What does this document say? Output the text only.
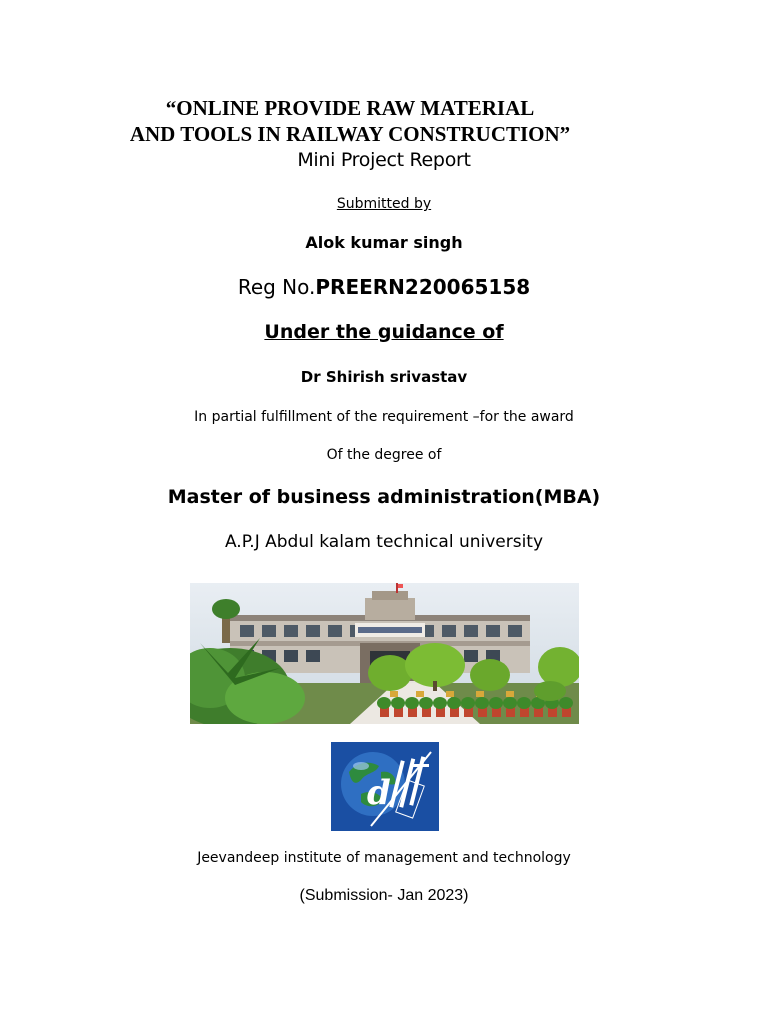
“ONLINE PROVIDE RAW MATERIAL
AND TOOLS IN RAILWAY CONSTRUCTION”
Mini Project Report
Submitted by
Alok kumar singh
Reg No.PREERN220065158
Under the guidance of
Dr Shirish srivastav
In partial fulfillment of the requirement –for the award
Of the degree of
Master of business administration(MBA)
A.P.J Abdul kalam technical university
d
Jeevandeep institute of management and technology
(Submission- Jan 2023)
